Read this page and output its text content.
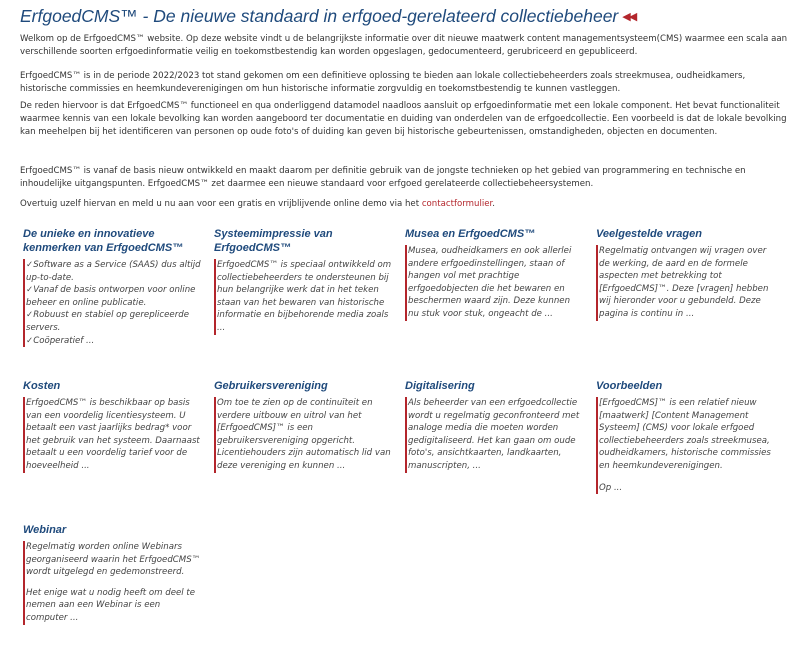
ErfgoedCMS™ - De nieuwe standaard in erfgoed-gerelateerd collectiebeheer ◀◀

Welkom op de ErfgoedCMS™ website. Op deze website vindt u de belangrijkste informatie over dit nieuwe maatwerk content managementsysteem(CMS) waarmee een scala aan verschillende soorten erfgoedinformatie veilig en toekomstbestendig kan worden opgeslagen, gedocumenteerd, gerubriceerd en gepubliceerd.

ErfgoedCMS™ is in de periode 2022/2023 tot stand gekomen om een definitieve oplossing te bieden aan lokale collectiebeheerders zoals streekmusea, oudheidkamers, historische commissies en heemkundeverenigingen om hun historische informatie zorgvuldig en toekomstbestendig te kunnen vastleggen.

De reden hiervoor is dat ErfgoedCMS™ functioneel en qua onderliggend datamodel naadloos aansluit op erfgoedinformatie met een lokale component. Het bevat functionaliteit waarmee kennis van een lokale bevolking kan worden aangeboord ter documentatie en duiding van onderdelen van de erfgoedcollectie. Een voorbeeld is dat de lokale bevolking kan meehelpen bij het identificeren van personen op oude foto's of duiding kan geven bij historische gebeurtenissen, omstandigheden, objecten en documenten.

ErfgoedCMS™ is vanaf de basis nieuw ontwikkeld en maakt daarom per definitie gebruik van de jongste technieken op het gebied van programmering en technische en inhoudelijke uitgangspunten. ErfgoedCMS™ zet daarmee een nieuwe standaard voor erfgoed gerelateerde collectiebeheersystemen.

Overtuig uzelf hiervan en meld u nu aan voor een gratis en vrijblijvende online demo via het contactformulier.

De unieke en innovatieve kenmerken van ErfgoedCMS™

✓Software as a Service (SAAS) dus altijd up-to-date.

✓Vanaf de basis ontworpen voor online beheer en online publicatie.

✓Robuust en stabiel op gerepliceerde servers.

✓Coöperatief ...

Systeemimpressie van ErfgoedCMS™

ErfgoedCMS™ is speciaal ontwikkeld om collectiebeheerders te ondersteunen bij hun belangrijke werk dat in het teken staan van het bewaren van historische informatie en bijbehorende media zoals ...

Musea en ErfgoedCMS™

Musea, oudheidkamers en ook allerlei andere erfgoedinstellingen, staan of hangen vol met prachtige erfgoedobjecten die het bewaren en beschermen waard zijn. Deze kunnen nu stuk voor stuk, ongeacht de ...

Veelgestelde vragen

Regelmatig ontvangen wij vragen over de werking, de aard en de formele aspecten met betrekking tot [ErfgoedCMS]™. Deze [vragen] hebben wij hieronder voor u gebundeld. Deze pagina is continu in ...

Kosten

ErfgoedCMS™ is beschikbaar op basis van een voordelig licentiesysteem. U betaalt een vast jaarlijks bedrag* voor het gebruik van het systeem. Daarnaast betaalt u een voordelig tarief voor de hoeveelheid ...

Gebruikersvereniging

Om toe te zien op de continuïteit en verdere uitbouw en uitrol van het [ErfgoedCMS]™ is een gebruikersvereniging opgericht. Licentiehouders zijn automatisch lid van deze vereniging en kunnen ...

Digitalisering

Als beheerder van een erfgoedcollectie wordt u regelmatig geconfronteerd met analoge media die moeten worden gedigitaliseerd. Het kan gaan om oude foto's, ansichtkaarten, landkaarten, manuscripten, ...

Voorbeelden

[ErfgoedCMS]™ is een relatief nieuw [maatwerk] [Content Management Systeem] (CMS) voor lokale erfgoed collectiebeheerders zoals streekmusea, oudheidkamers, historische commissies en heemkundeverenigingen.

Op ...

Webinar

Regelmatig worden online Webinars georganiseerd waarin het ErfgoedCMS™ wordt uitgelegd en gedemonstreerd.

Het enige wat u nodig heeft om deel te nemen aan een Webinar is een computer ...
